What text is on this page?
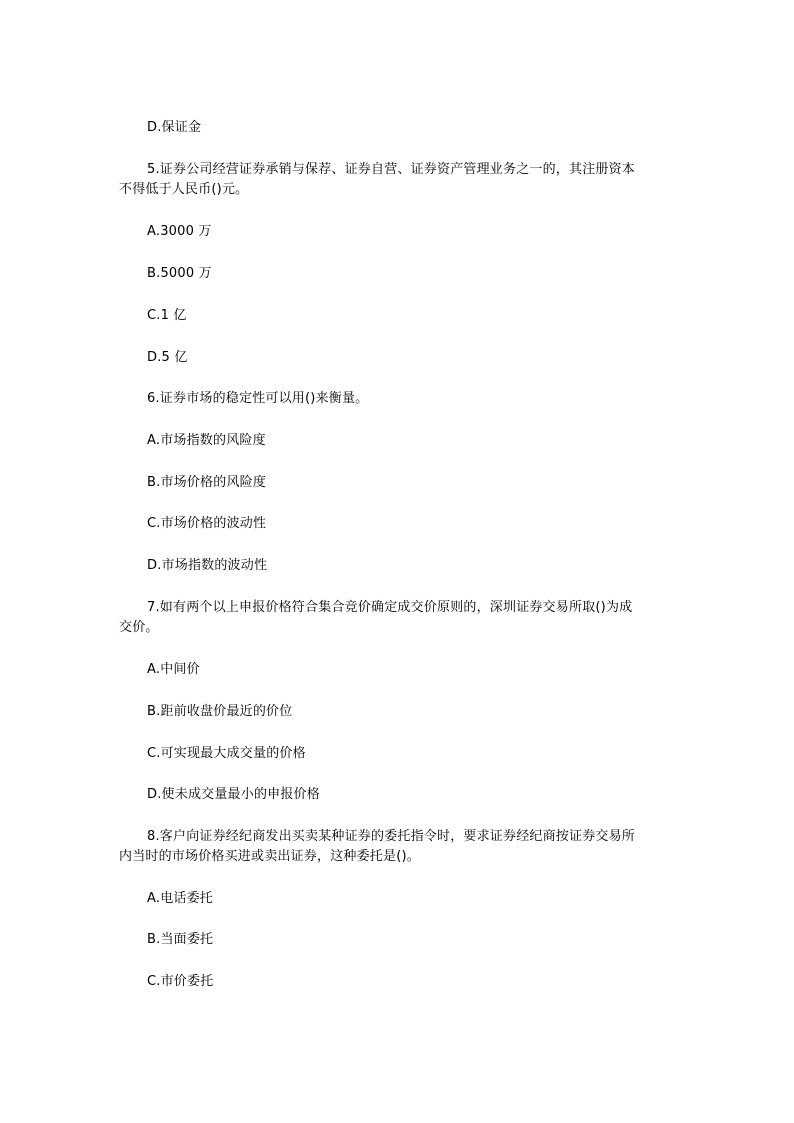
D.保证金
5.证券公司经营证券承销与保荐、证券自营、证券资产管理业务之一的，其注册资本
不得低于人民币()元。
A.3000 万
B.5000 万
C.1 亿
D.5 亿
6.证券市场的稳定性可以用()来衡量。
A.市场指数的风险度
B.市场价格的风险度
C.市场价格的波动性
D.市场指数的波动性
7.如有两个以上申报价格符合集合竞价确定成交价原则的，深圳证券交易所取()为成
交价。
A.中间价
B.距前收盘价最近的价位
C.可实现最大成交量的价格
D.使未成交量最小的申报价格
8.客户向证券经纪商发出买卖某种证券的委托指令时，要求证券经纪商按证券交易所
内当时的市场价格买进或卖出证券，这种委托是()。
A.电话委托
B.当面委托
C.市价委托
